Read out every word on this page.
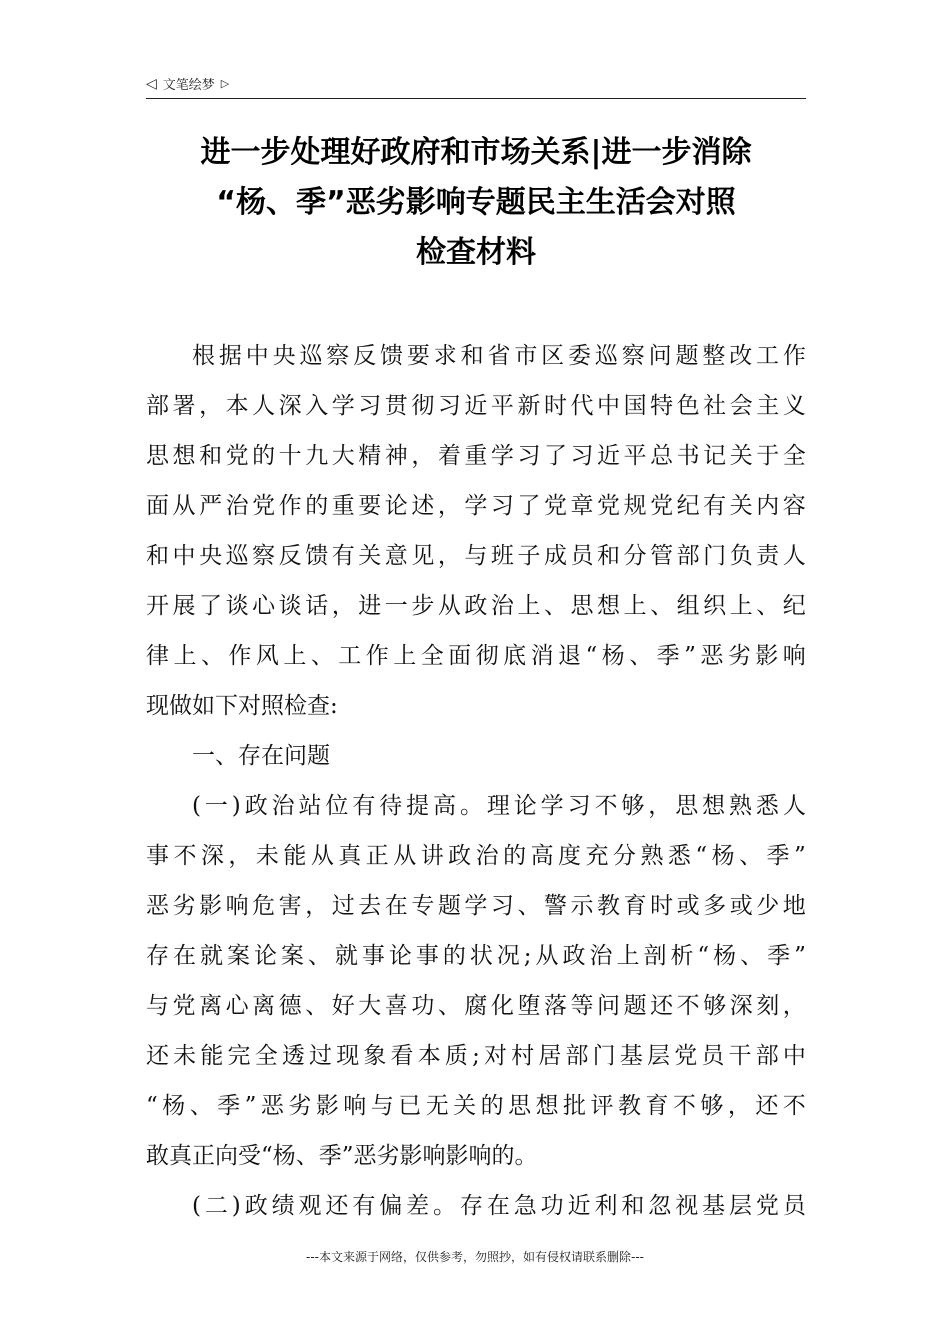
◁ 文笔绘梦 ▷
进一步处理好政府和市场关系|进一步消除
“杨、季”恶劣影响专题民主生活会对照
检查材料
根 据 中 央 巡 察 反 馈 要 求 和 省 市 区 委 巡 察 问 题 整 改 工 作
部 署 ， 本 人 深 入 学 习 贯 彻 习 近 平 新 时 代 中 国 特 色 社 会 主 义
思 想 和 党 的 十 九 大 精 神 ， 着 重 学 习 了 习 近 平 总 书 记 关 于 全
面 从 严 治 党 作 的 重 要 论 述 ， 学 习 了 党 章 党 规 党 纪 有 关 内 容
和 中 央 巡 察 反 馈 有 关 意 见 ， 与 班 子 成 员 和 分 管 部 门 负 责 人
开 展 了 谈 心 谈 话 ， 进 一 步 从 政 治 上 、 思 想 上 、 组 织 上 、 纪
律 上 、 作 风 上 、 工 作 上 全 面 彻 底 消 退 “ 杨 、 季 ” 恶 劣 影 响
现 做 如 下 对 照 检 查 :
一 、 存 在 问 题
( 一 ) 政 治 站 位 有 待 提 高 。 理 论 学 习 不 够 ， 思 想 熟 悉 人
事 不 深 ， 未 能 从 真 正 从 讲 政 治 的 高 度 充 分 熟 悉 “ 杨 、 季 ”
恶 劣 影 响 危 害 ， 过 去 在 专 题 学 习 、 警 示 教 育 时 或 多 或 少 地
存 在 就 案 论 案 、 就 事 论 事 的 状 况 ; 从 政 治 上 剖 析 “ 杨 、 季 ”
与 党 离 心 离 德 、 好 大 喜 功 、 腐 化 堕 落 等 问 题 还 不 够 深 刻 ，
还 未 能 完 全 透 过 现 象 看 本 质 ; 对 村 居 部 门 基 层 党 员 干 部 中
“ 杨 、 季 ” 恶 劣 影 响 与 已 无 关 的 思 想 批 评 教 育 不 够 ， 还 不
敢 真 正 向 受 “ 杨 、 季 ” 恶 劣 影 响 影 响 的 。
( 二 ) 政 绩 观 还 有 偏 差 。 存 在 急 功 近 利 和 忽 视 基 层 党 员
---本文来源于网络，仅供参考，勿照抄，如有侵权请联系删除---
